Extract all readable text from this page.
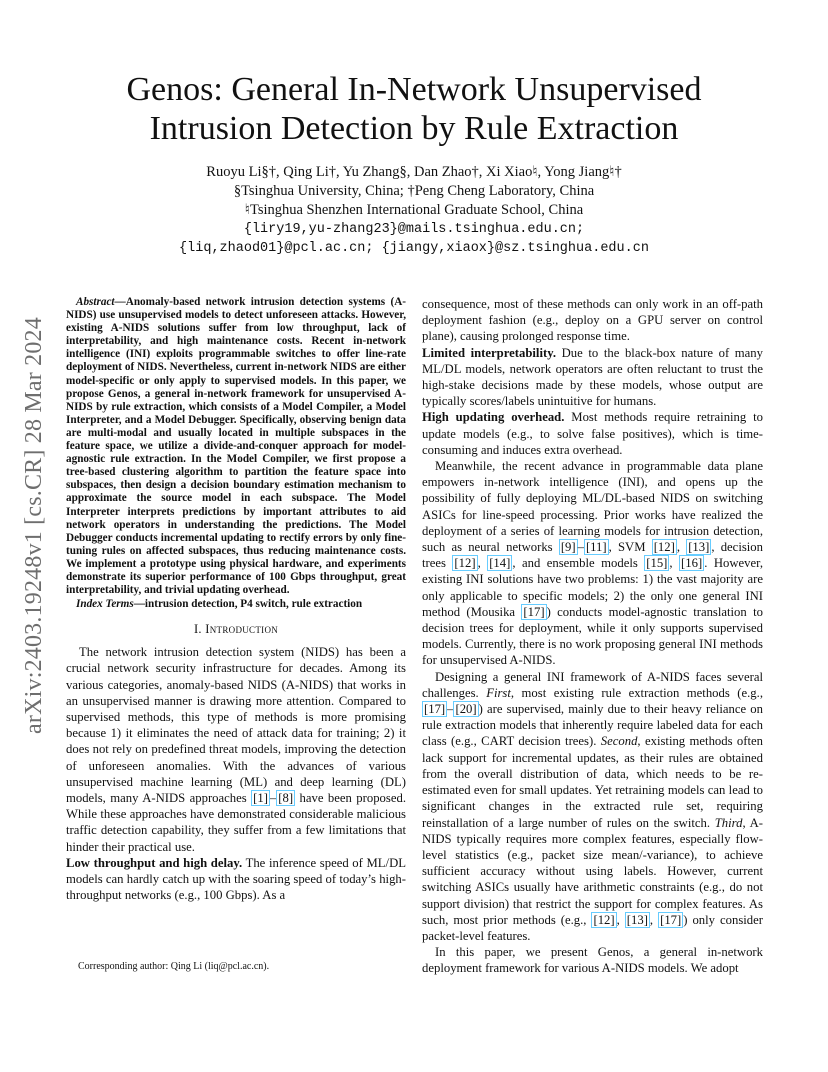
arXiv:2403.19248v1 [cs.CR] 28 Mar 2024
Genos: General In-Network Unsupervised
Intrusion Detection by Rule Extraction
Ruoyu Li§†, Qing Li†, Yu Zhang§, Dan Zhao†, Xi Xiao♮, Yong Jiang♮†
§Tsinghua University, China; †Peng Cheng Laboratory, China
♮Tsinghua Shenzhen International Graduate School, China
{liry19,yu-zhang23}@mails.tsinghua.edu.cn;
{liq,zhaod01}@pcl.ac.cn; {jiangy,xiaox}@sz.tsinghua.edu.cn

Abstract—Anomaly-based network intrusion detection systems (A-NIDS) use unsupervised models to detect unforeseen attacks. However, existing A-NIDS solutions suffer from low throughput, lack of interpretability, and high maintenance costs. Recent in-network intelligence (INI) exploits programmable switches to offer line-rate deployment of NIDS. Nevertheless, current in-network NIDS are either model-specific or only apply to supervised models. In this paper, we propose Genos, a general in-network framework for unsupervised A-NIDS by rule extraction, which consists of a Model Compiler, a Model Interpreter, and a Model Debugger. Specifically, observing benign data are multi-modal and usually located in multiple subspaces in the feature space, we utilize a divide-and-conquer approach for model-agnostic rule extraction. In the Model Compiler, we first propose a tree-based clustering algorithm to partition the feature space into subspaces, then design a decision boundary estimation mechanism to approximate the source model in each subspace. The Model Interpreter interprets predictions by important attributes to aid network operators in understanding the predictions. The Model Debugger conducts incremental updating to rectify errors by only fine-tuning rules on affected subspaces, thus reducing maintenance costs. We implement a prototype using physical hardware, and experiments demonstrate its superior performance of 100 Gbps throughput, great interpretability, and trivial updating overhead.

Index Terms—intrusion detection, P4 switch, rule extraction

I. Introduction

The network intrusion detection system (NIDS) has been a crucial network security infrastructure for decades. Among its various categories, anomaly-based NIDS (A-NIDS) that works in an unsupervised manner is drawing more attention. Compared to supervised methods, this type of methods is more promising because 1) it eliminates the need of attack data for training; 2) it does not rely on predefined threat models, improving the detection of unforeseen anomalies. With the advances of various unsupervised machine learning (ML) and deep learning (DL) models, many A-NIDS approaches [1] – [8] have been proposed. While these approaches have demonstrated considerable malicious traffic detection capability, they suffer from a few limitations that hinder their practical use.

Low throughput and high delay. The inference speed of ML/DL models can hardly catch up with the soaring speed of today’s high-throughput networks (e.g., 100 Gbps). As a

consequence, most of these methods can only work in an off-path deployment fashion (e.g., deploy on a GPU server on control plane), causing prolonged response time.

Limited interpretability. Due to the black-box nature of many ML/DL models, network operators are often reluctant to trust the high-stake decisions made by these models, whose output are typically scores/labels unintuitive for humans.

High updating overhead. Most methods require retraining to update models (e.g., to solve false positives), which is time-consuming and induces extra overhead.

Meanwhile, the recent advance in programmable data plane empowers in-network intelligence (INI), and opens up the possibility of fully deploying ML/DL-based NIDS on switching ASICs for line-speed processing. Prior works have realized the deployment of a series of learning models for intrusion detection, such as neural networks [9] – [11] , SVM [12] , [13] , decision trees [12] , [14] , and ensemble models [15] , [16] . However, existing INI solutions have two problems: 1) the vast majority are only applicable to specific models; 2) the only one general INI method (Mousika [17] ) conducts model-agnostic translation to decision trees for deployment, while it only supports supervised models. Currently, there is no work proposing general INI methods for unsupervised A-NIDS.

Designing a general INI framework of A-NIDS faces several challenges. First, most existing rule extraction methods (e.g., [17] – [20] ) are supervised, mainly due to their heavy reliance on rule extraction models that inherently require labeled data for each class (e.g., CART decision trees). Second, existing methods often lack support for incremental updates, as their rules are obtained from the overall distribution of data, which needs to be re-estimated even for small updates. Yet retraining models can lead to significant changes in the extracted rule set, requiring reinstallation of a large number of rules on the switch. Third, A-NIDS typically requires more complex features, especially flow-level statistics (e.g., packet size mean/-variance), to achieve sufficient accuracy without using labels. However, current switching ASICs usually have arithmetic constraints (e.g., do not support division) that restrict the support for complex features. As such, most prior methods (e.g., [12] , [13] , [17] ) only consider packet-level features.

In this paper, we present Genos, a general in-network deployment framework for various A-NIDS models. We adopt

Corresponding author: Qing Li (liq@pcl.ac.cn).
